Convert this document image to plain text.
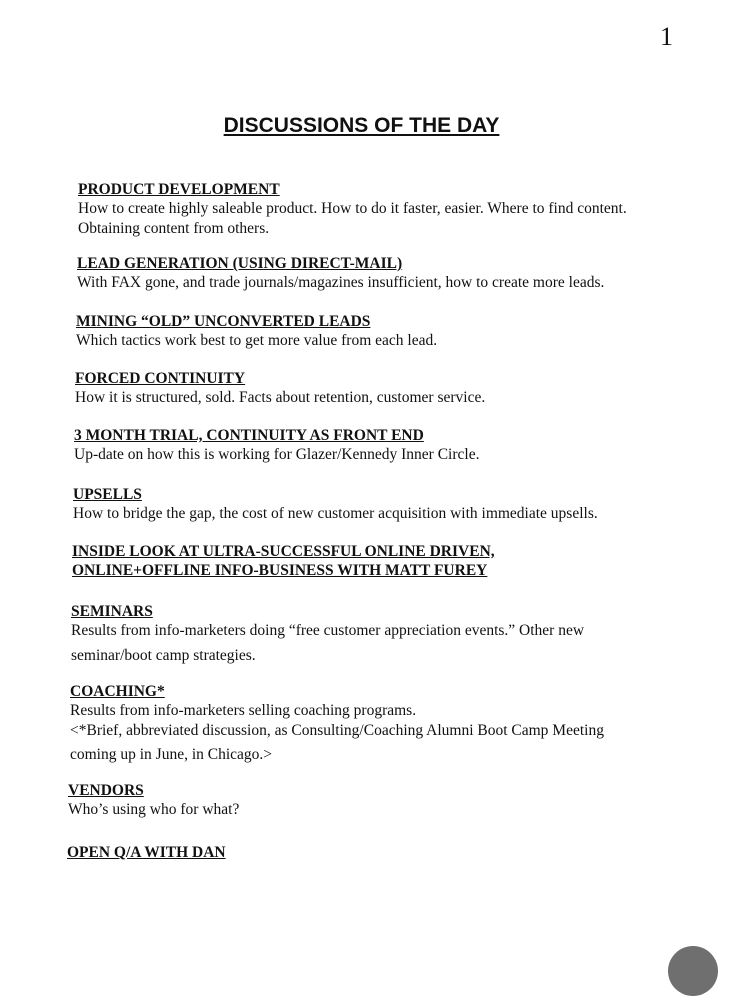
1
DISCUSSIONS OF THE DAY
PRODUCT DEVELOPMENT

How to create highly saleable product. How to do it faster, easier. Where to find content.

Obtaining content from others.

LEAD GENERATION (USING DIRECT-MAIL)

With FAX gone, and trade journals/magazines insufficient, how to create more leads.

MINING “OLD” UNCONVERTED LEADS

Which tactics work best to get more value from each lead.

FORCED CONTINUITY

How it is structured, sold. Facts about retention, customer service.

3 MONTH TRIAL, CONTINUITY AS FRONT END

Up-date on how this is working for Glazer/Kennedy Inner Circle.

UPSELLS

How to bridge the gap, the cost of new customer acquisition with immediate upsells.

INSIDE LOOK AT ULTRA-SUCCESSFUL ONLINE DRIVEN,
ONLINE+OFFLINE INFO-BUSINESS WITH MATT FUREY
SEMINARS

Results from info-marketers doing “free customer appreciation events.” Other new

seminar/boot camp strategies.

COACHING*

Results from info-marketers selling coaching programs.

<*Brief, abbreviated discussion, as Consulting/Coaching Alumni Boot Camp Meeting

coming up in June, in Chicago.>

VENDORS

Who’s using who for what?

OPEN Q/A WITH DAN
